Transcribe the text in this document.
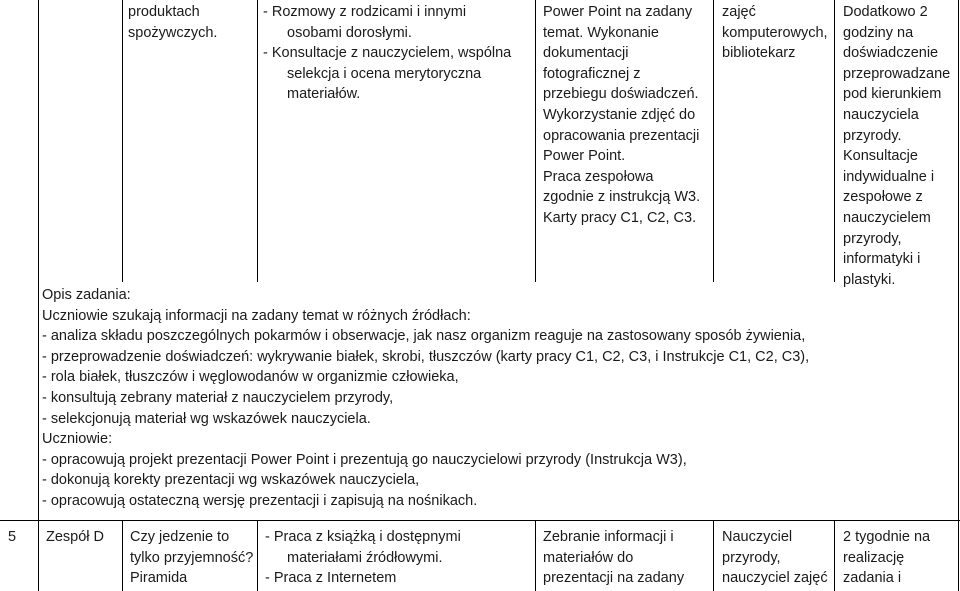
produktach
spożywczych.
- Rozmowy z rodzicami i innymi
osobami dorosłymi.
- Konsultacje z nauczycielem, wspólna
selekcja i ocena merytoryczna
materiałów.
Power Point na zadany
temat. Wykonanie
dokumentacji
fotograficznej z
przebiegu doświadczeń.
Wykorzystanie zdjęć do
opracowania prezentacji
Power Point.
Praca zespołowa
zgodnie z instrukcją W3.
Karty pracy C1, C2, C3.
zajęć
komputerowych,
bibliotekarz
Dodatkowo 2
godziny na
doświadczenie
przeprowadzane
pod kierunkiem
nauczyciela
przyrody.
Konsultacje
indywidualne i
zespołowe z
nauczycielem
przyrody,
informatyki i
plastyki.
Opis zadania:
Uczniowie szukają informacji na zadany temat w różnych źródłach:
- analiza składu poszczególnych pokarmów i obserwacje, jak nasz organizm reaguje na zastosowany sposób żywienia,
- przeprowadzenie doświadczeń: wykrywanie białek, skrobi, tłuszczów (karty pracy C1, C2, C3, i Instrukcje C1, C2, C3),
- rola białek, tłuszczów i węglowodanów w organizmie człowieka,
- konsultują zebrany materiał z nauczycielem przyrody,
- selekcjonują materiał wg wskazówek nauczyciela.
Uczniowie:
- opracowują projekt prezentacji Power Point i prezentują go nauczycielowi przyrody (Instrukcja W3),
- dokonują korekty prezentacji wg wskazówek nauczyciela,
- opracowują ostateczną wersję prezentacji i zapisują na nośnikach.
5 Zespół D Czy jedzenie to
tylko przyjemność?
Piramida
- Praca z książką i dostępnymi
materiałami źródłowymi.
- Praca z Internetem
Zebranie informacji i
materiałów do
prezentacji na zadany
Nauczyciel
przyrody,
nauczyciel zajęć
2 tygodnie na
realizację
zadania i
